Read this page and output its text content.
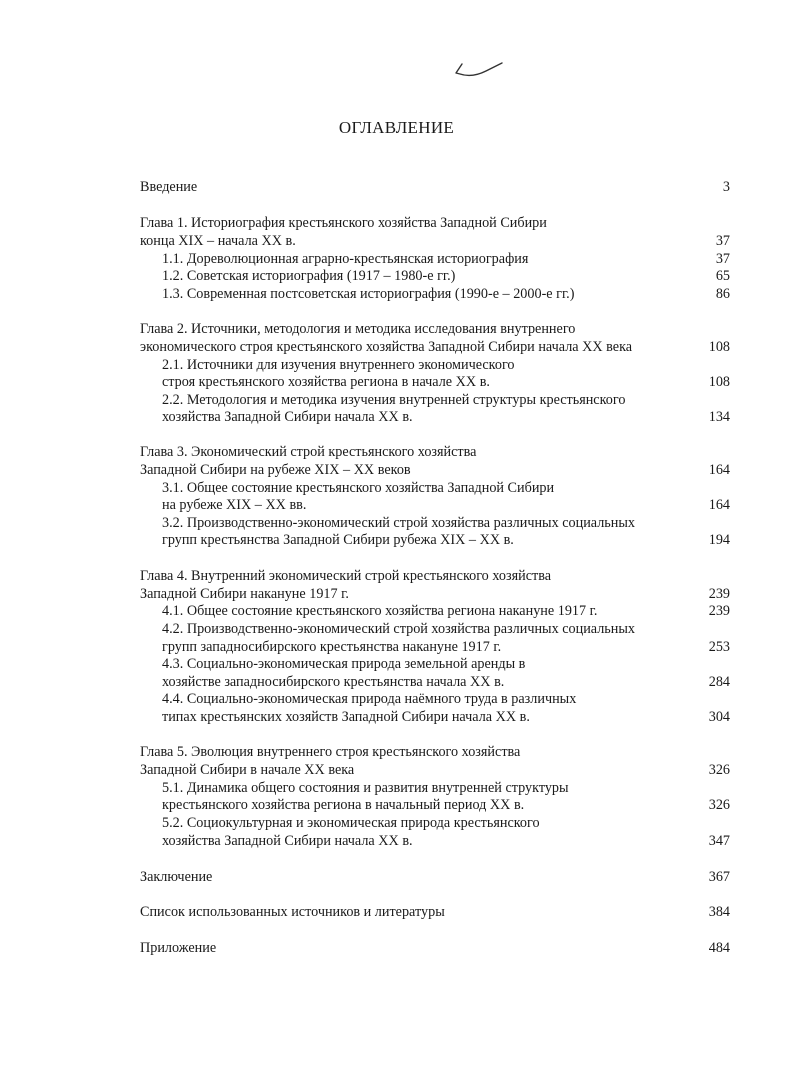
ОГЛАВЛЕНИЕ
Введение	3
Глава 1. Историография крестьянского хозяйства Западной Сибири
конца XIX – начала XX в.	37
1.1. Дореволюционная аграрно-крестьянская историография	37
1.2. Советская историография (1917 – 1980-е гг.)	65
1.3. Современная постсоветская историография (1990-е – 2000-е гг.)	86
Глава 2. Источники, методология и методика исследования внутреннего
экономического строя крестьянского хозяйства Западной Сибири начала XX века	108
2.1. Источники для изучения внутреннего экономического
строя крестьянского хозяйства региона в начале XX в.	108
2.2. Методология и методика изучения внутренней структуры крестьянского
хозяйства Западной Сибири начала XX в.	134
Глава 3. Экономический строй крестьянского хозяйства
Западной Сибири на рубеже XIX – XX веков	164
3.1. Общее состояние крестьянского хозяйства Западной Сибири
на рубеже XIX – XX вв.	164
3.2. Производственно-экономический строй хозяйства различных социальных
групп крестьянства Западной Сибири рубежа XIX – XX в.	194
Глава 4. Внутренний экономический строй крестьянского хозяйства
Западной Сибири накануне 1917 г.	239
4.1. Общее состояние крестьянского хозяйства региона накануне 1917 г.	239
4.2. Производственно-экономический строй хозяйства различных социальных
групп западносибирского крестьянства накануне 1917 г.	253
4.3. Социально-экономическая природа земельной аренды в
хозяйстве западносибирского крестьянства начала XX в.	284
4.4. Социально-экономическая природа наёмного труда в различных
типах крестьянских хозяйств Западной Сибири начала XX в.	304
Глава 5. Эволюция внутреннего строя крестьянского хозяйства
Западной Сибири в начале XX века	326
5.1. Динамика общего состояния и развития внутренней структуры
крестьянского хозяйства региона в начальный период XX в.	326
5.2. Социокультурная и экономическая природа крестьянского
хозяйства Западной Сибири начала XX в.	347
Заключение	367
Список использованных источников и литературы	384
Приложение	484
